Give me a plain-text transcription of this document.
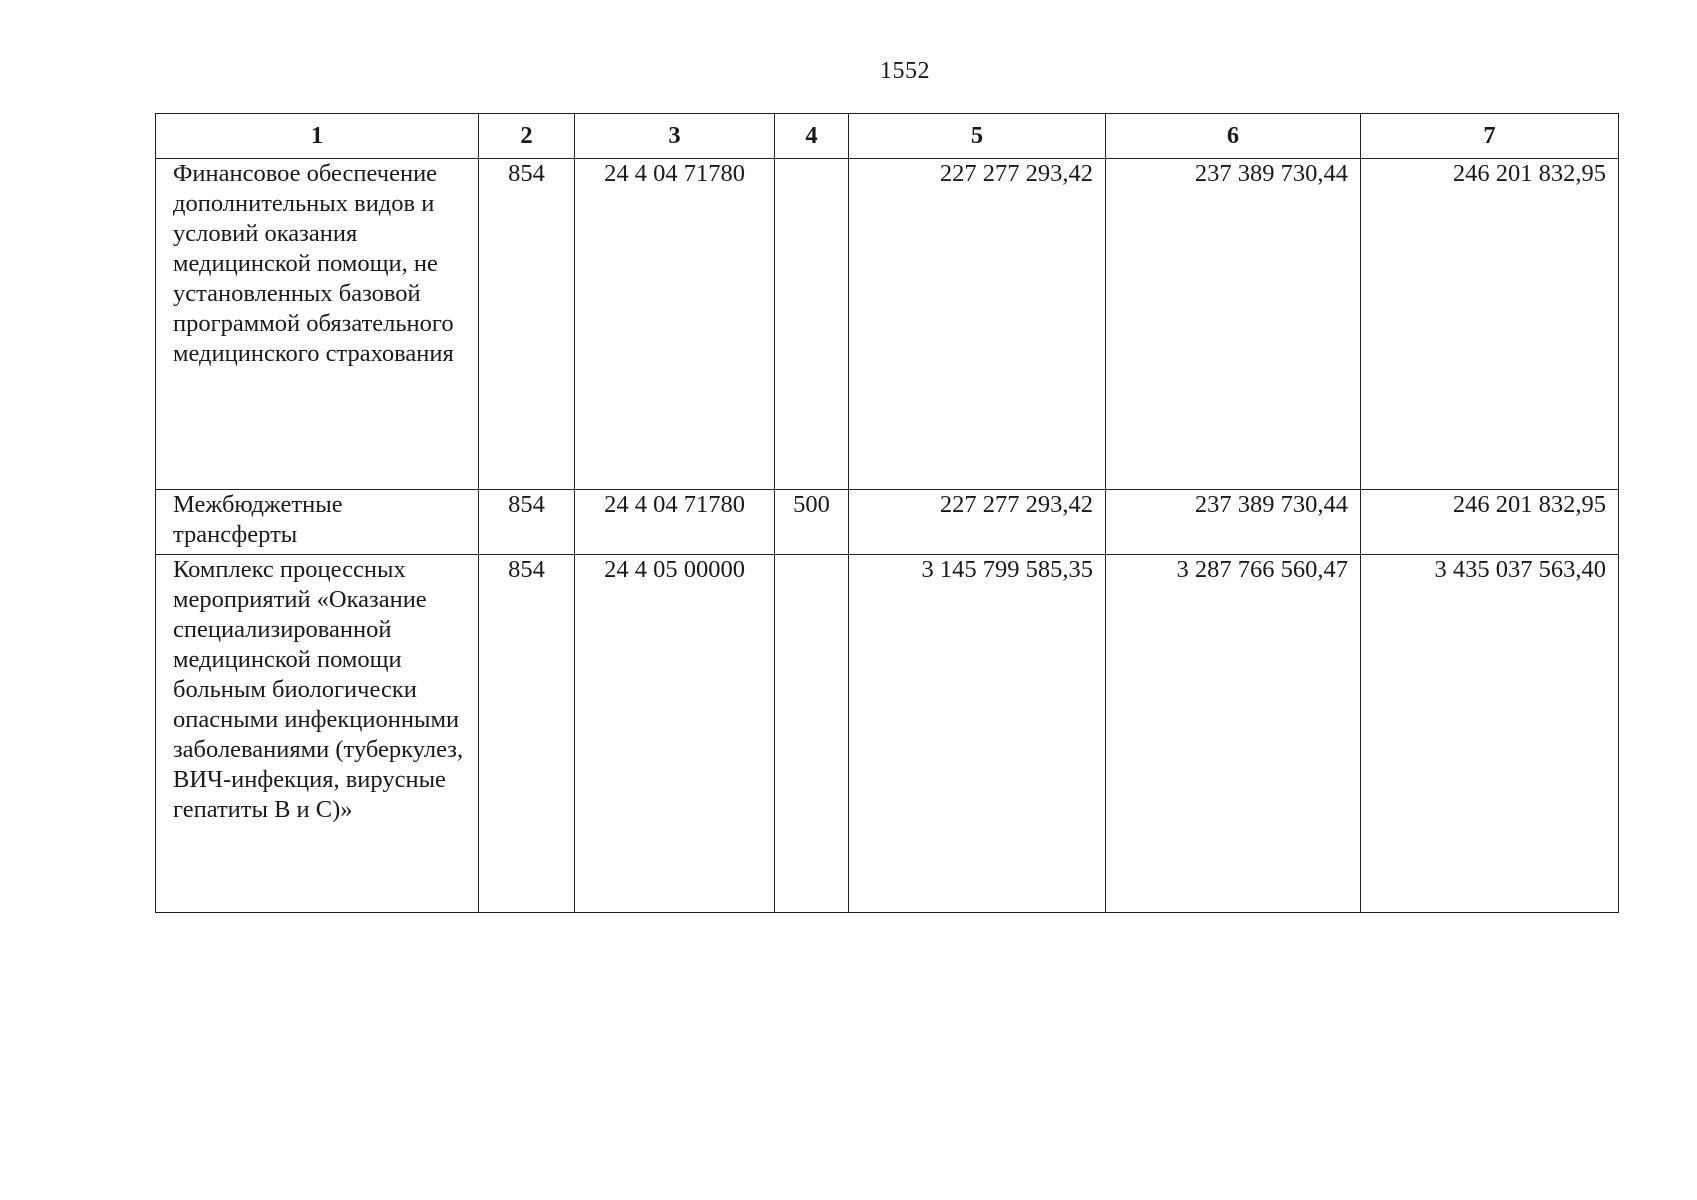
1552
1	2	3	4	5	6	7
Финансовое обеспечение дополнительных видов и условий оказания медицинской помощи, не установленных базовой программой обязательного медицинского страхования	854	24 4 04 71780		227 277 293,42	237 389 730,44	246 201 832,95
Межбюджетные трансферты	854	24 4 04 71780	500	227 277 293,42	237 389 730,44	246 201 832,95
Комплекс процессных мероприятий «Оказание специализированной медицинской помощи больным биологически опасными инфекционными заболеваниями (туберкулез, ВИЧ-инфекция, вирусные гепатиты В и С)»	854	24 4 05 00000		3 145 799 585,35	3 287 766 560,47	3 435 037 563,40
